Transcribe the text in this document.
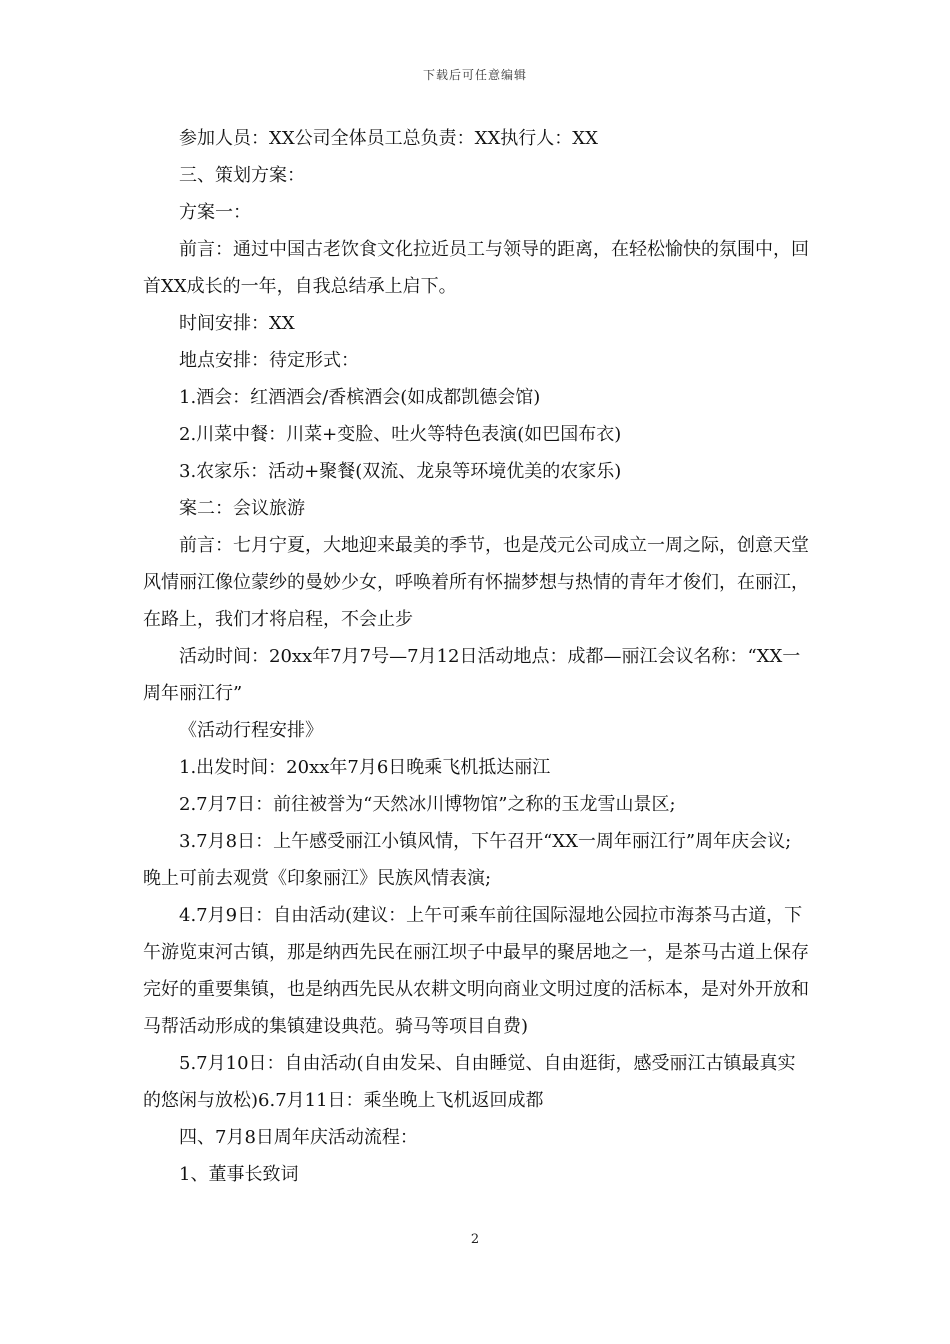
下载后可任意编辑

参加人员：XX公司全体员工总负责：XX执行人：XX

三、策划方案：

方案一：

前言：通过中国古老饮食文化拉近员工与领导的距离，在轻松愉快的氛围中，回首XX成长的一年，自我总结承上启下。

时间安排：XX

地点安排：待定形式：

1.酒会：红酒酒会/香槟酒会(如成都凯德会馆)

2.川菜中餐：川菜+变脸、吐火等特色表演(如巴国布衣)

3.农家乐：活动+聚餐(双流、龙泉等环境优美的农家乐)

案二：会议旅游

前言：七月宁夏，大地迎来最美的季节，也是茂元公司成立一周之际，创意天堂风情丽江像位蒙纱的曼妙少女，呼唤着所有怀揣梦想与热情的青年才俊们，在丽江，在路上，我们才将启程，不会止步

活动时间：20xx年7月7号—7月12日活动地点：成都—丽江会议名称：“XX一周年丽江行”

《活动行程安排》

1.出发时间：20xx年7月6日晚乘飞机抵达丽江

2.7月7日：前往被誉为“天然冰川博物馆”之称的玉龙雪山景区;

3.7月8日：上午感受丽江小镇风情，下午召开“XX一周年丽江行”周年庆会议;晚上可前去观赏《印象丽江》民族风情表演;

4.7月9日：自由活动(建议：上午可乘车前往国际湿地公园拉市海茶马古道，下午游览束河古镇，那是纳西先民在丽江坝子中最早的聚居地之一，是茶马古道上保存完好的重要集镇，也是纳西先民从农耕文明向商业文明过度的活标本，是对外开放和马帮活动形成的集镇建设典范。骑马等项目自费)

5.7月10日：自由活动(自由发呆、自由睡觉、自由逛街，感受丽江古镇最真实的悠闲与放松)6.7月11日：乘坐晚上飞机返回成都

四、7月8日周年庆活动流程：

1、董事长致词

2
